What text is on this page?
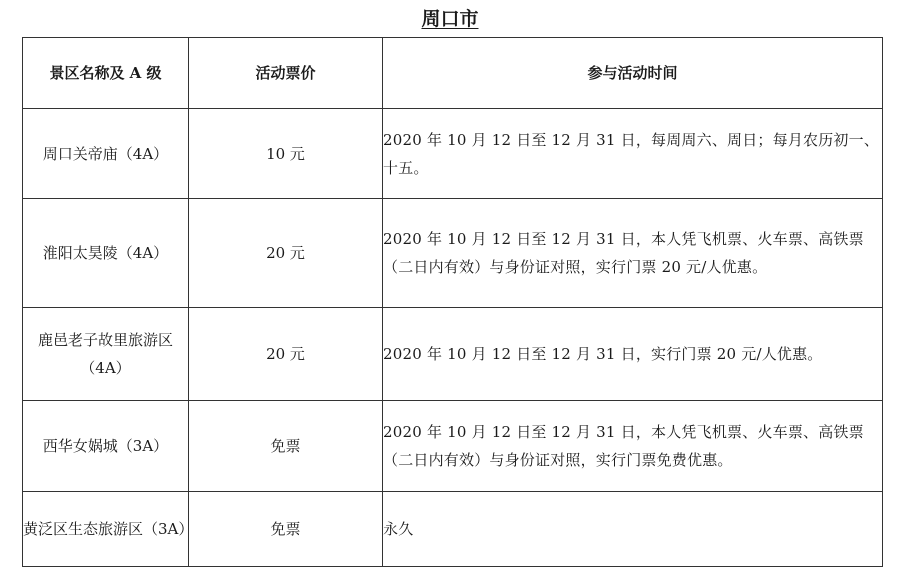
周口市
景区名称及 A 级	活动票价	参与活动时间
周口关帝庙（4A）	10 元	2020 年 10 月 12 日至 12 月 31 日，每周周六、周日；每月农历初一、十五。
淮阳太昊陵（4A）	20 元	2020 年 10 月 12 日至 12 月 31 日，本人凭飞机票、火车票、高铁票（二日内有效）与身份证对照，实行门票 20 元/人优惠。
鹿邑老子故里旅游区（4A）	20 元	2020 年 10 月 12 日至 12 月 31 日，实行门票 20 元/人优惠。
西华女娲城（3A）	免票	2020 年 10 月 12 日至 12 月 31 日，本人凭飞机票、火车票、高铁票（二日内有效）与身份证对照，实行门票免费优惠。
黄泛区生态旅游区（3A）	免票	永久
